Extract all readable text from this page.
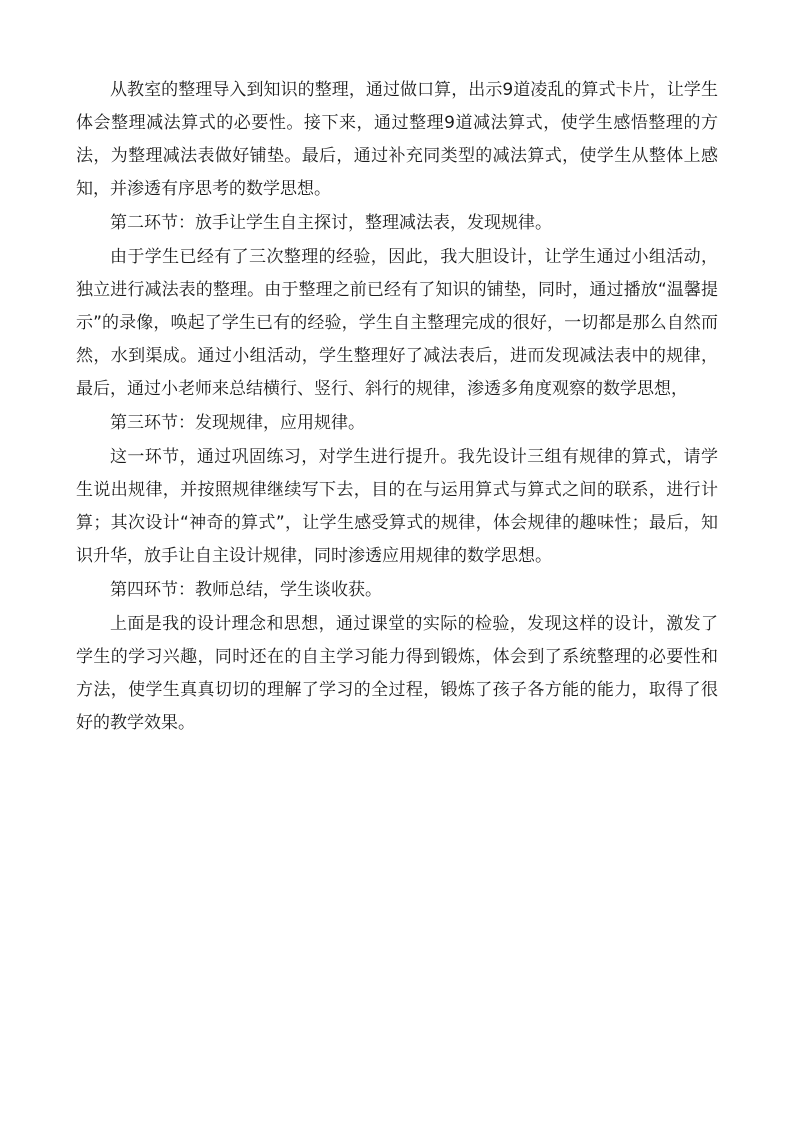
从教室的整理导入到知识的整理，通过做口算，出示9道凌乱的算式卡片，让学生体会整理减法算式的必要性。接下来，通过整理9道减法算式，使学生感悟整理的方法，为整理减法表做好铺垫。最后，通过补充同类型的减法算式，使学生从整体上感知，并渗透有序思考的数学思想。

第二环节：放手让学生自主探讨，整理减法表，发现规律。

由于学生已经有了三次整理的经验，因此，我大胆设计，让学生通过小组活动，独立进行减法表的整理。由于整理之前已经有了知识的铺垫，同时，通过播放“温馨提示”的录像，唤起了学生已有的经验，学生自主整理完成的很好，一切都是那么自然而然，水到渠成。通过小组活动，学生整理好了减法表后，进而发现减法表中的规律，最后，通过小老师来总结横行、竖行、斜行的规律，渗透多角度观察的数学思想，

第三环节：发现规律，应用规律。

这一环节，通过巩固练习，对学生进行提升。我先设计三组有规律的算式，请学生说出规律，并按照规律继续写下去，目的在与运用算式与算式之间的联系，进行计算；其次设计“神奇的算式”，让学生感受算式的规律，体会规律的趣味性；最后，知识升华，放手让自主设计规律，同时渗透应用规律的数学思想。

第四环节：教师总结，学生谈收获。

上面是我的设计理念和思想，通过课堂的实际的检验，发现这样的设计，激发了学生的学习兴趣，同时还在的自主学习能力得到锻炼，体会到了系统整理的必要性和方法，使学生真真切切的理解了学习的全过程，锻炼了孩子各方能的能力，取得了很好的教学效果。
